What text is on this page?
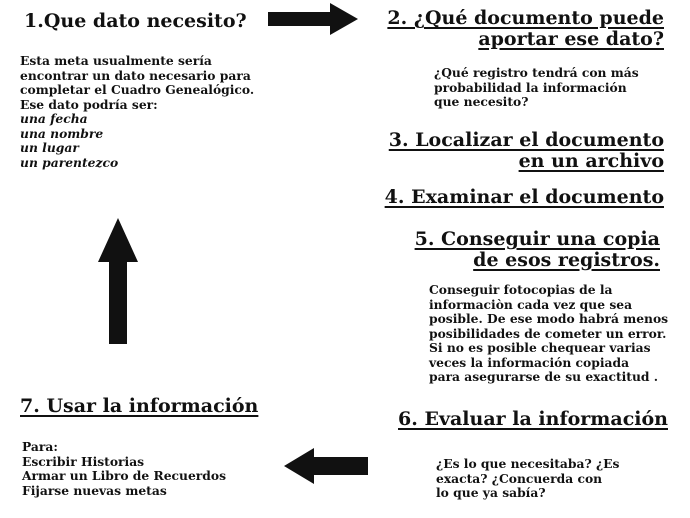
1.Que dato necesito?
Esta meta usualmente sería
encontrar un dato necesario para
completar el Cuadro Genealógico.
Ese dato podría ser:
una fecha
una nombre
un lugar
un parentezco
2. ¿Qué documento puede
aportar ese dato?
¿Qué registro tendrá con más
probabilidad la información
que necesito?
3. Localizar el documento
en un archivo
4. Examinar el documento
5. Conseguir una copia
de esos registros.
Conseguir fotocopias de la
informaciòn cada vez que sea
posible. De ese modo habrá menos
posibilidades de cometer un error.
Si no es posible chequear varias
veces la información copiada
para asegurarse de su exactitud .
6. Evaluar la información
¿Es lo que necesitaba? ¿Es
exacta? ¿Concuerda con
lo que ya sabía?
7. Usar la información
Para:
Escribir Historias
Armar un Libro de Recuerdos
Fijarse nuevas metas
